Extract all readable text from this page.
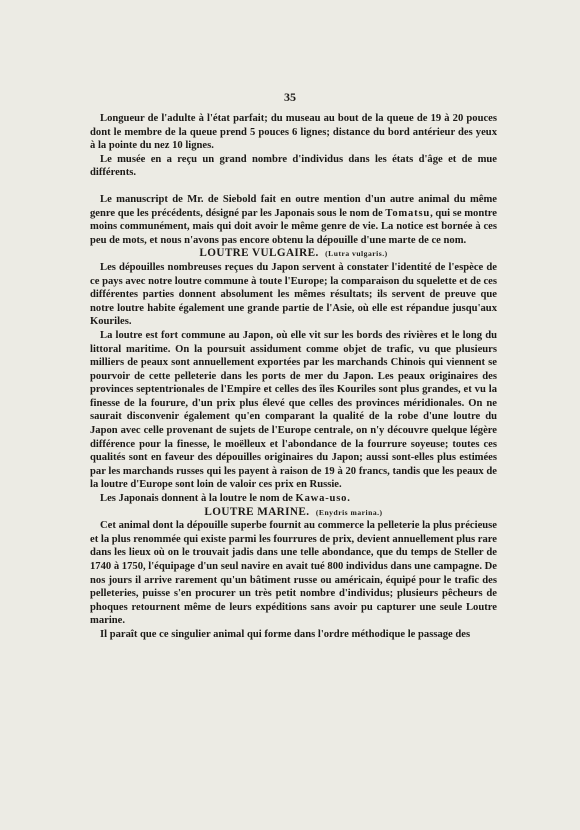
35

Longueur de l'adulte à l'état parfait; du museau au bout de la queue de 19 à 20 pouces dont le membre de la queue prend 5 pouces 6 lignes; distance du bord antérieur des yeux à la pointe du nez 10 lignes.

Le musée en a reçu un grand nombre d'individus dans les états d'âge et de mue différents.

Le manuscript de Mr. de Siebold fait en outre mention d'un autre animal du même genre que les précédents, désigné par les Japonais sous le nom de Tomatsu, qui se montre moins communément, mais qui doit avoir le même genre de vie. La notice est bornée à ces peu de mots, et nous n'avons pas encore obtenu la dépouille d'une marte de ce nom.

LOUTRE VULGAIRE. (Lutra vulgaris.)

Les dépouilles nombreuses reçues du Japon servent à constater l'identité de l'espèce de ce pays avec notre loutre commune à toute l'Europe; la comparaison du squelette et de ces différentes parties donnent absolument les mêmes résultats; ils servent de preuve que notre loutre habite également une grande partie de l'Asie, où elle est répandue jusqu'aux Kouriles.

La loutre est fort commune au Japon, où elle vit sur les bords des rivières et le long du littoral maritime. On la poursuit assidument comme objet de trafic, vu que plusieurs milliers de peaux sont annuellement exportées par les marchands Chinois qui viennent se pourvoir de cette pelleterie dans les ports de mer du Japon. Les peaux originaires des provinces septentrionales de l'Empire et celles des îles Kouriles sont plus grandes, et vu la finesse de la fourure, d'un prix plus élevé que celles des provinces méridionales. On ne saurait disconvenir également qu'en comparant la qualité de la robe d'une loutre du Japon avec celle provenant de sujets de l'Europe centrale, on n'y découvre quelque légère différence pour la finesse, le moëlleux et l'abondance de la fourrure soyeuse; toutes ces qualités sont en faveur des dépouilles originaires du Japon; aussi sont-elles plus estimées par les marchands russes qui les payent à raison de 19 à 20 francs, tandis que les peaux de la loutre d'Europe sont loin de valoir ces prix en Russie.

Les Japonais donnent à la loutre le nom de Kawa-uso.

LOUTRE MARINE. (Enydris marina.)

Cet animal dont la dépouille superbe fournit au commerce la pelleterie la plus précieuse et la plus renommée qui existe parmi les fourrures de prix, devient annuellement plus rare dans les lieux où on le trouvait jadis dans une telle abondance, que du temps de Steller de 1740 à 1750, l'équipage d'un seul navire en avait tué 800 individus dans une campagne. De nos jours il arrive rarement qu'un bâtiment russe ou américain, équipé pour le trafic des pelleteries, puisse s'en procurer un très petit nombre d'individus; plusieurs pêcheurs de phoques retournent même de leurs expéditions sans avoir pu capturer une seule Loutre marine.

Il paraît que ce singulier animal qui forme dans l'ordre méthodique le passage des
